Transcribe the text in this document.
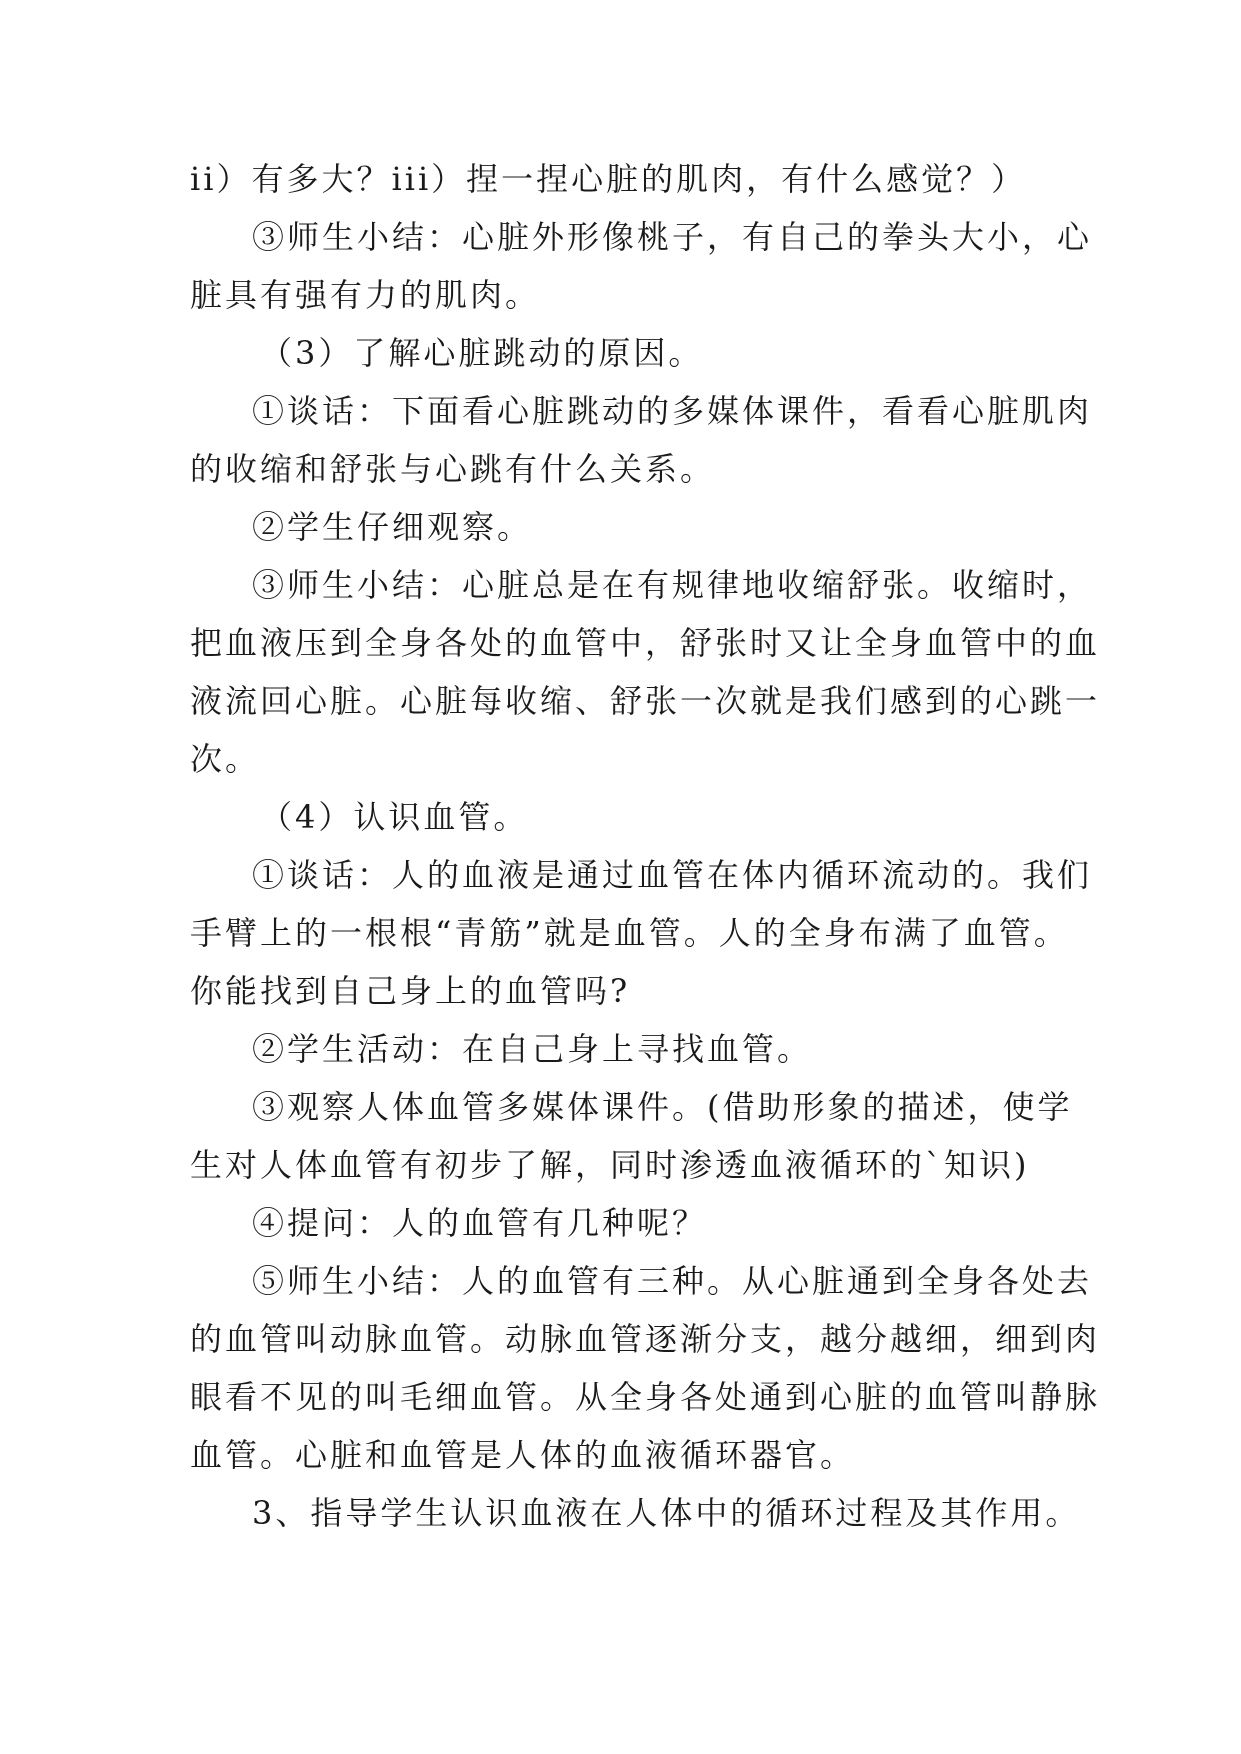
ii）有多大？iii）捏一捏心脏的肌肉，有什么感觉？）
③师生小结：心脏外形像桃子，有自己的拳头大小，心
脏具有强有力的肌肉。
（3）了解心脏跳动的原因。
①谈话：下面看心脏跳动的多媒体课件，看看心脏肌肉
的收缩和舒张与心跳有什么关系。
②学生仔细观察。
③师生小结：心脏总是在有规律地收缩舒张。收缩时，
把血液压到全身各处的血管中，舒张时又让全身血管中的血
液流回心脏。心脏每收缩、舒张一次就是我们感到的心跳一
次。
（4）认识血管。
①谈话：人的血液是通过血管在体内循环流动的。我们
手臂上的一根根“青筋”就是血管。人的全身布满了血管。
你能找到自己身上的血管吗?
②学生活动：在自己身上寻找血管。
③观察人体血管多媒体课件。(借助形象的描述，使学
生对人体血管有初步了解，同时渗透血液循环的`知识)
④提问：人的血管有几种呢？
⑤师生小结：人的血管有三种。从心脏通到全身各处去
的血管叫动脉血管。动脉血管逐渐分支，越分越细，细到肉
眼看不见的叫毛细血管。从全身各处通到心脏的血管叫静脉
血管。心脏和血管是人体的血液循环器官。
3、指导学生认识血液在人体中的循环过程及其作用。
